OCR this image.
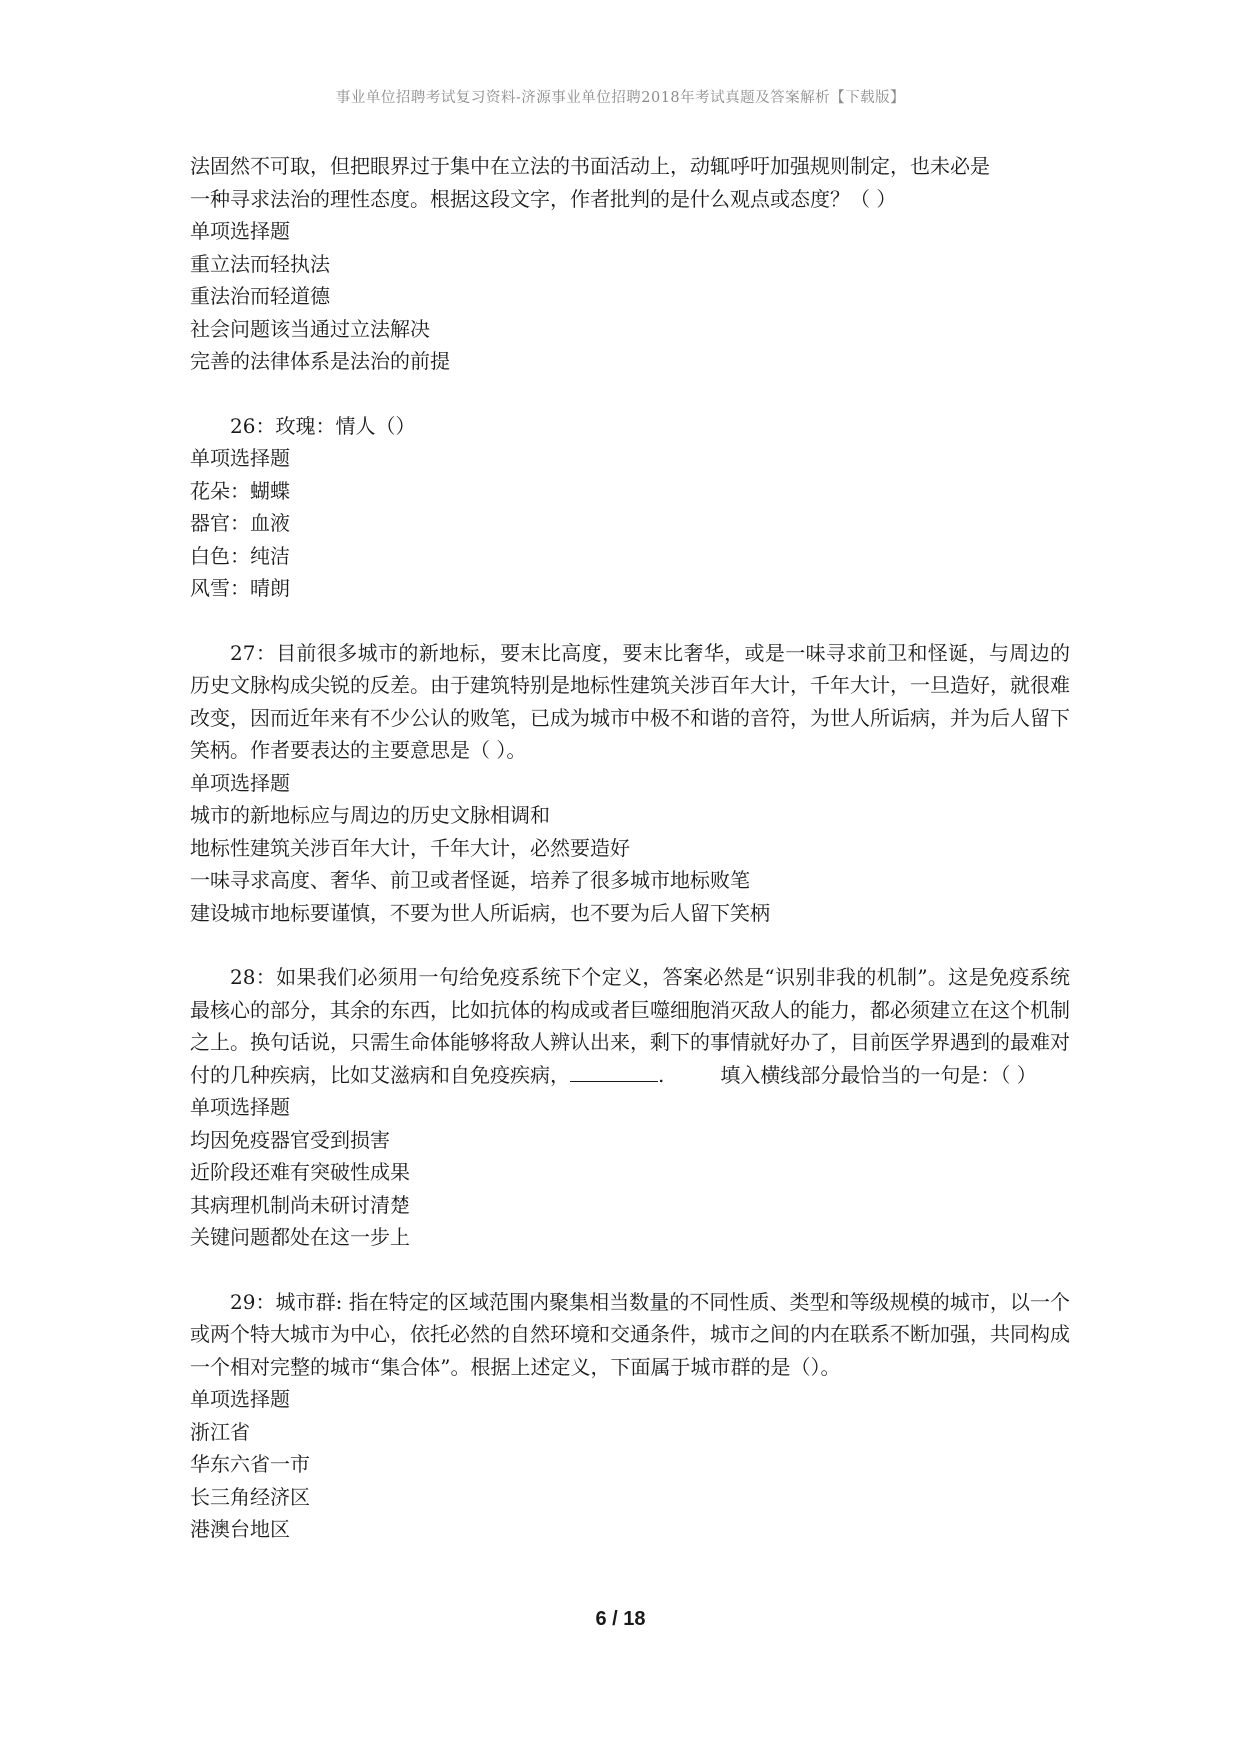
事业单位招聘考试复习资料-济源事业单位招聘2018年考试真题及答案解析【下载版】
法固然不可取，但把眼界过于集中在立法的书面活动上，动辄呼吁加强规则制定，也未必是
一种寻求法治的理性态度。根据这段文字，作者批判的是什么观点或态度？（ ）
单项选择题
重立法而轻执法
重法治而轻道德
社会问题该当通过立法解决
完善的法律体系是法治的前提
26：玫瑰：情人（）
单项选择题
花朵：蝴蝶
器官：血液
白色：纯洁
风雪：晴朗
27：目前很多城市的新地标，要末比高度，要末比奢华，或是一味寻求前卫和怪诞，与周边的历史文脉构成尖锐的反差。由于建筑特别是地标性建筑关涉百年大计，千年大计，一旦造好，就很难改变，因而近年来有不少公认的败笔，已成为城市中极不和谐的音符，为世人所诟病，并为后人留下笑柄。作者要表达的主要意思是（ ）。
单项选择题
城市的新地标应与周边的历史文脉相调和
地标性建筑关涉百年大计，千年大计，必然要造好
一味寻求高度、奢华、前卫或者怪诞，培养了很多城市地标败笔
建设城市地标要谨慎，不要为世人所诟病，也不要为后人留下笑柄
28：如果我们必须用一句给免疫系统下个定义，答案必然是“识别非我的机制”。这是免疫系统最核心的部分，其余的东西，比如抗体的构成或者巨噬细胞消灭敌人的能力，都必须建立在这个机制之上。换句话说，只需生命体能够将敌人辨认出来，剩下的事情就好办了，目前医学界遇到的最难对付的几种疾病，比如艾滋病和自免疫疾病，	.	填入横线部分最恰当的一句是：（ ）
单项选择题
均因免疫器官受到损害
近阶段还难有突破性成果
其病理机制尚未研讨清楚
关键问题都处在这一步上
29：城市群: 指在特定的区域范围内聚集相当数量的不同性质、类型和等级规模的城市，以一个或两个特大城市为中心，依托必然的自然环境和交通条件，城市之间的内在联系不断加强，共同构成一个相对完整的城市“集合体”。根据上述定义，下面属于城市群的是（）。
单项选择题
浙江省
华东六省一市
长三角经济区
港澳台地区
6 / 18
